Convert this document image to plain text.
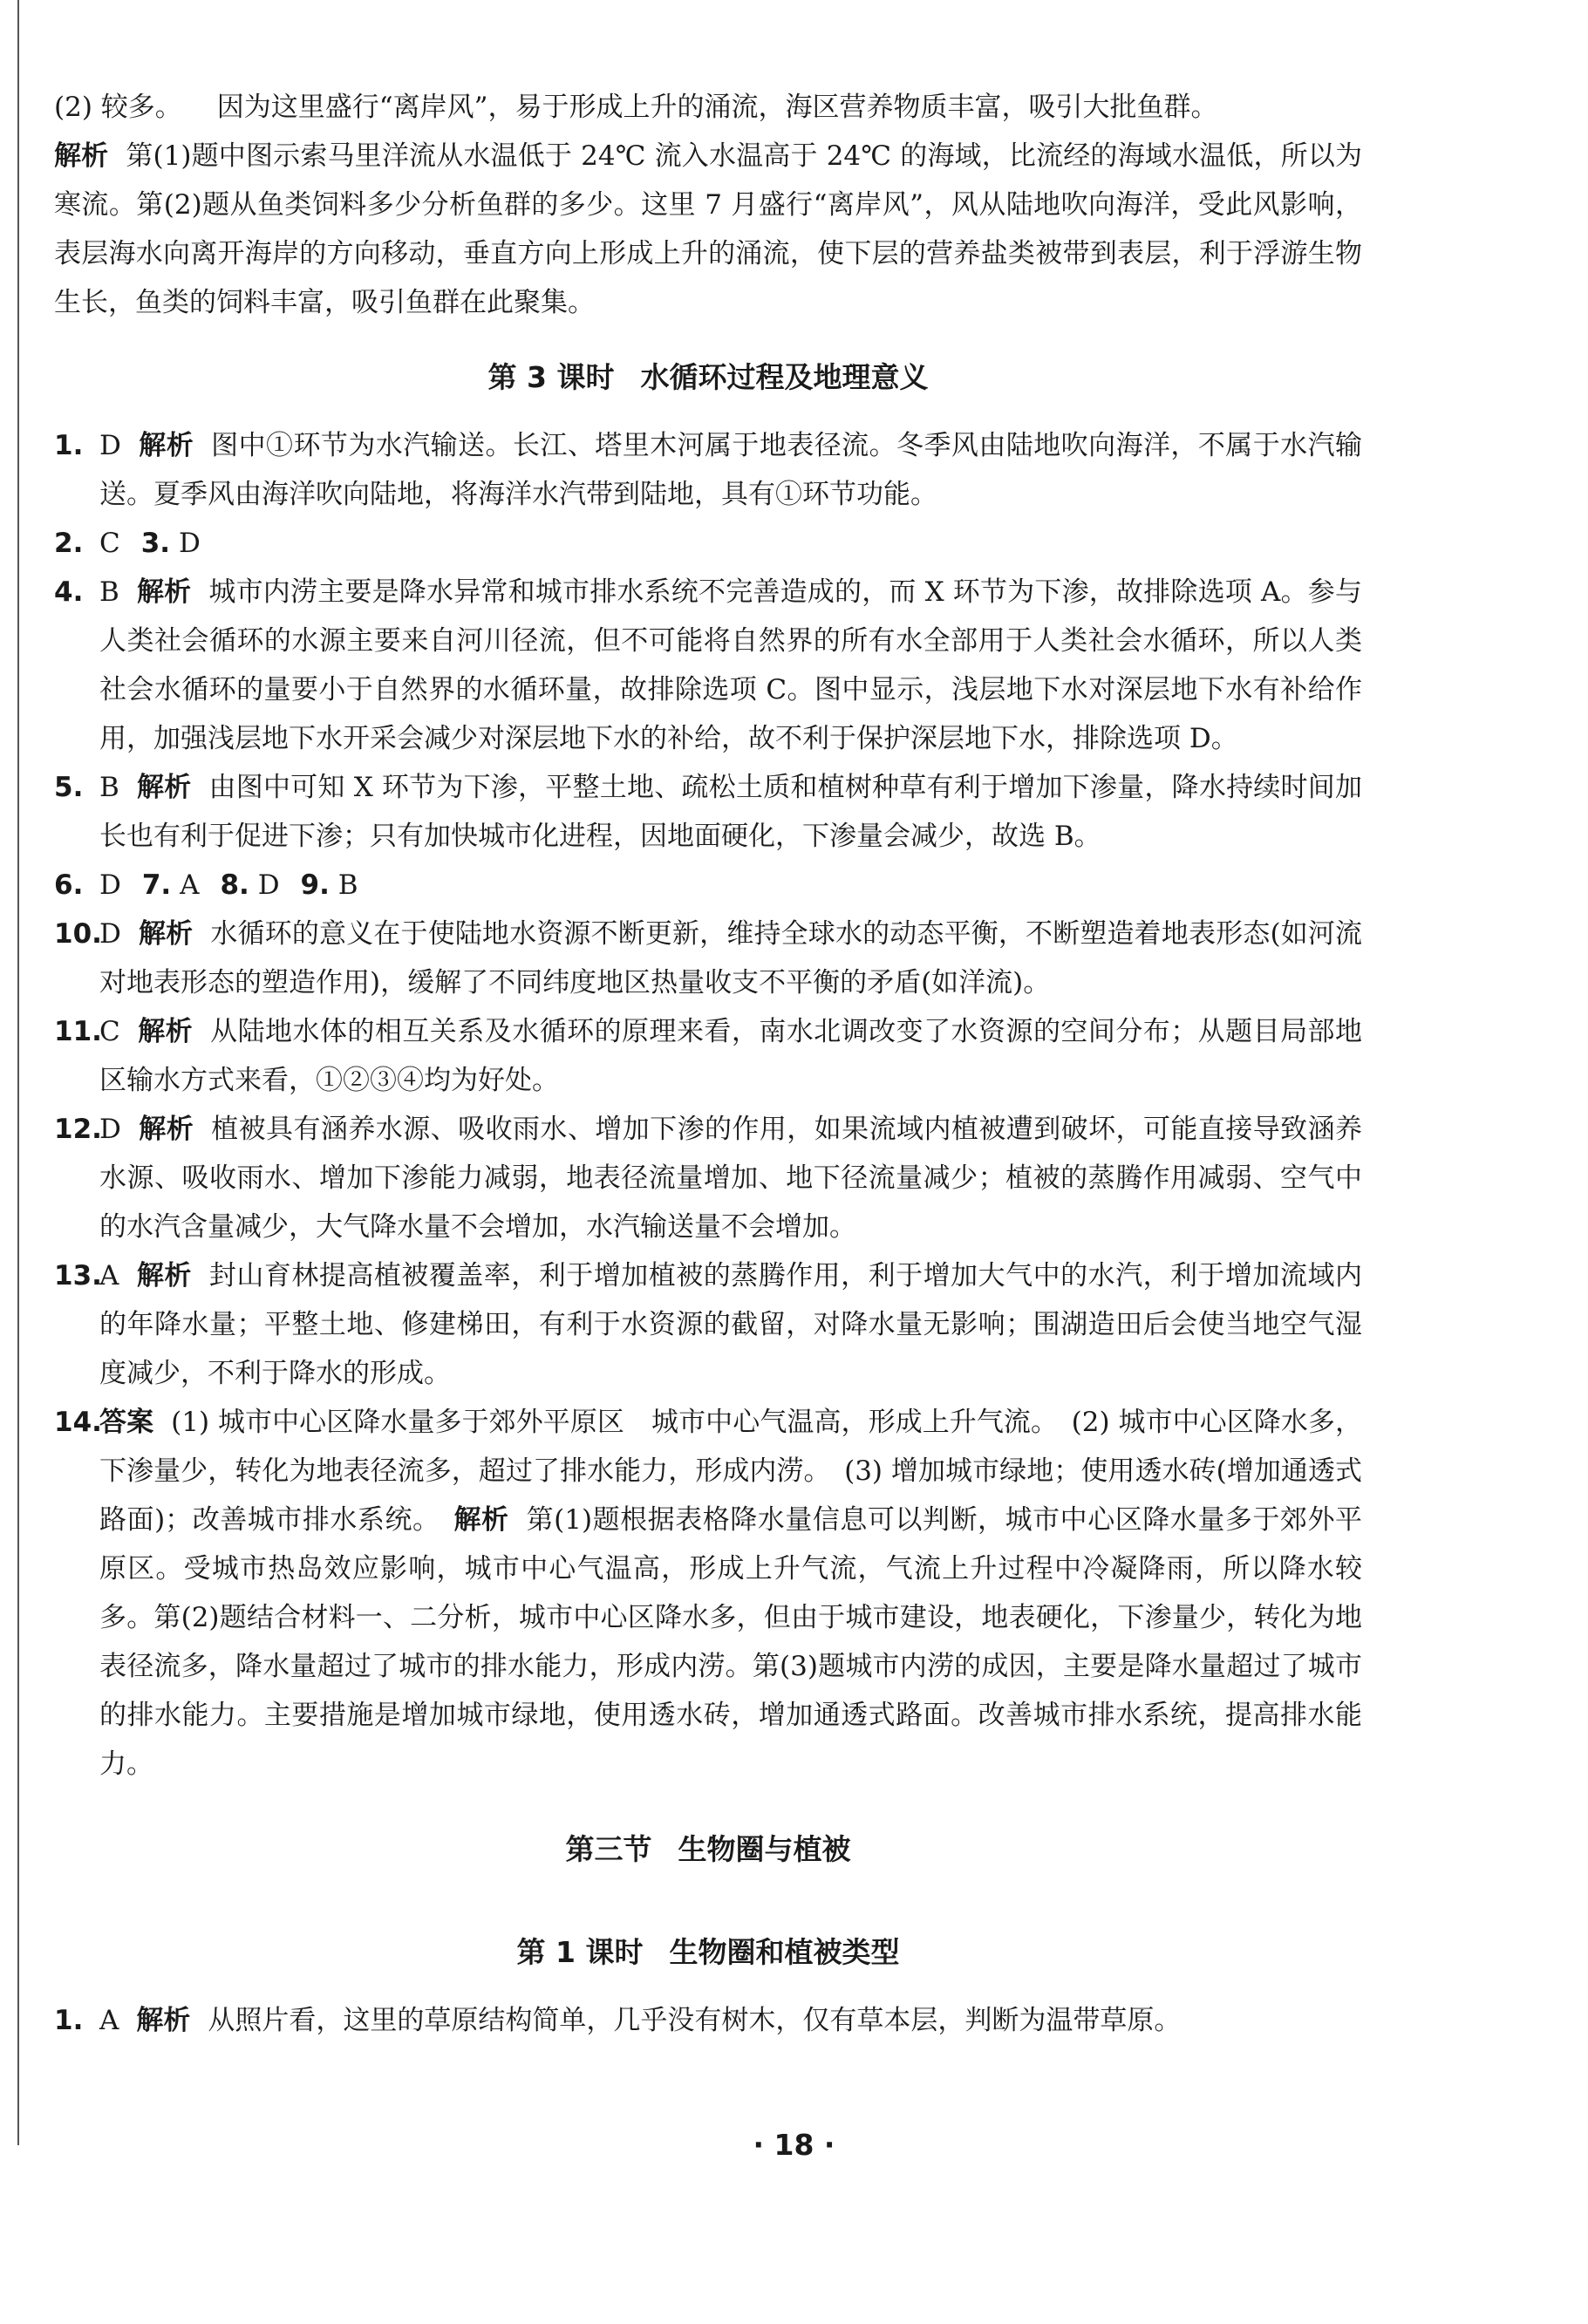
(2) 较多。 因为这里盛行“离岸风”，易于形成上升的涌流，海区营养物质丰富，吸引大批鱼群。
解析 第(1)题中图示索马里洋流从水温低于 24℃ 流入水温高于 24℃ 的海域，比流经的海域水温低，所以为寒流。第(2)题从鱼类饲料多少分析鱼群的多少。这里 7 月盛行“离岸风”，风从陆地吹向海洋，受此风影响，表层海水向离开海岸的方向移动，垂直方向上形成上升的涌流，使下层的营养盐类被带到表层，利于浮游生物生长，鱼类的饲料丰富，吸引鱼群在此聚集。
第 3 课时 水循环过程及地理意义
1. D 解析 图中①环节为水汽输送。长江、塔里木河属于地表径流。冬季风由陆地吹向海洋，不属于水汽输送。夏季风由海洋吹向陆地，将海洋水汽带到陆地，具有①环节功能。
2. C 3. D
4. B 解析 城市内涝主要是降水异常和城市排水系统不完善造成的，而 X 环节为下渗，故排除选项 A。参与人类社会循环的水源主要来自河川径流，但不可能将自然界的所有水全部用于人类社会水循环，所以人类社会水循环的量要小于自然界的水循环量，故排除选项 C。图中显示，浅层地下水对深层地下水有补给作用，加强浅层地下水开采会减少对深层地下水的补给，故不利于保护深层地下水，排除选项 D。
5. B 解析 由图中可知 X 环节为下渗，平整土地、疏松土质和植树种草有利于增加下渗量，降水持续时间加长也有利于促进下渗；只有加快城市化进程，因地面硬化，下渗量会减少，故选 B。
6. D 7. A 8. D 9. B
10.
D 解析 水循环的意义在于使陆地水资源不断更新，维持全球水的动态平衡，不断塑造着地表形态(如河流对地表形态的塑造作用)，缓解了不同纬度地区热量收支不平衡的矛盾(如洋流)。
11.
C 解析 从陆地水体的相互关系及水循环的原理来看，南水北调改变了水资源的空间分布；从题目局部地区输水方式来看，①②③④均为好处。
12.
D 解析 植被具有涵养水源、吸收雨水、增加下渗的作用，如果流域内植被遭到破坏，可能直接导致涵养水源、吸收雨水、增加下渗能力减弱，地表径流量增加、地下径流量减少；植被的蒸腾作用减弱、空气中的水汽含量减少，大气降水量不会增加，水汽输送量不会增加。
13.
A 解析 封山育林提高植被覆盖率，利于增加植被的蒸腾作用，利于增加大气中的水汽，利于增加流域内的年降水量；平整土地、修建梯田，有利于水资源的截留，对降水量无影响；围湖造田后会使当地空气湿度减少，不利于降水的形成。
14.
答案 (1) 城市中心区降水量多于郊外平原区　城市中心气温高，形成上升气流。　(2) 城市中心区降水多，下渗量少，转化为地表径流多，超过了排水能力，形成内涝。　(3) 增加城市绿地；使用透水砖(增加通透式路面)；改善城市排水系统。 解析 第(1)题根据表格降水量信息可以判断，城市中心区降水量多于郊外平原区。受城市热岛效应影响，城市中心气温高，形成上升气流，气流上升过程中冷凝降雨，所以降水较多。第(2)题结合材料一、二分析，城市中心区降水多，但由于城市建设，地表硬化，下渗量少，转化为地表径流多，降水量超过了城市的排水能力，形成内涝。第(3)题城市内涝的成因，主要是降水量超过了城市的排水能力。主要措施是增加城市绿地，使用透水砖，增加通透式路面。改善城市排水系统，提高排水能力。
第三节 生物圈与植被
第 1 课时 生物圈和植被类型
1. A 解析 从照片看，这里的草原结构简单，几乎没有树木，仅有草本层，判断为温带草原。
· 18 ·
